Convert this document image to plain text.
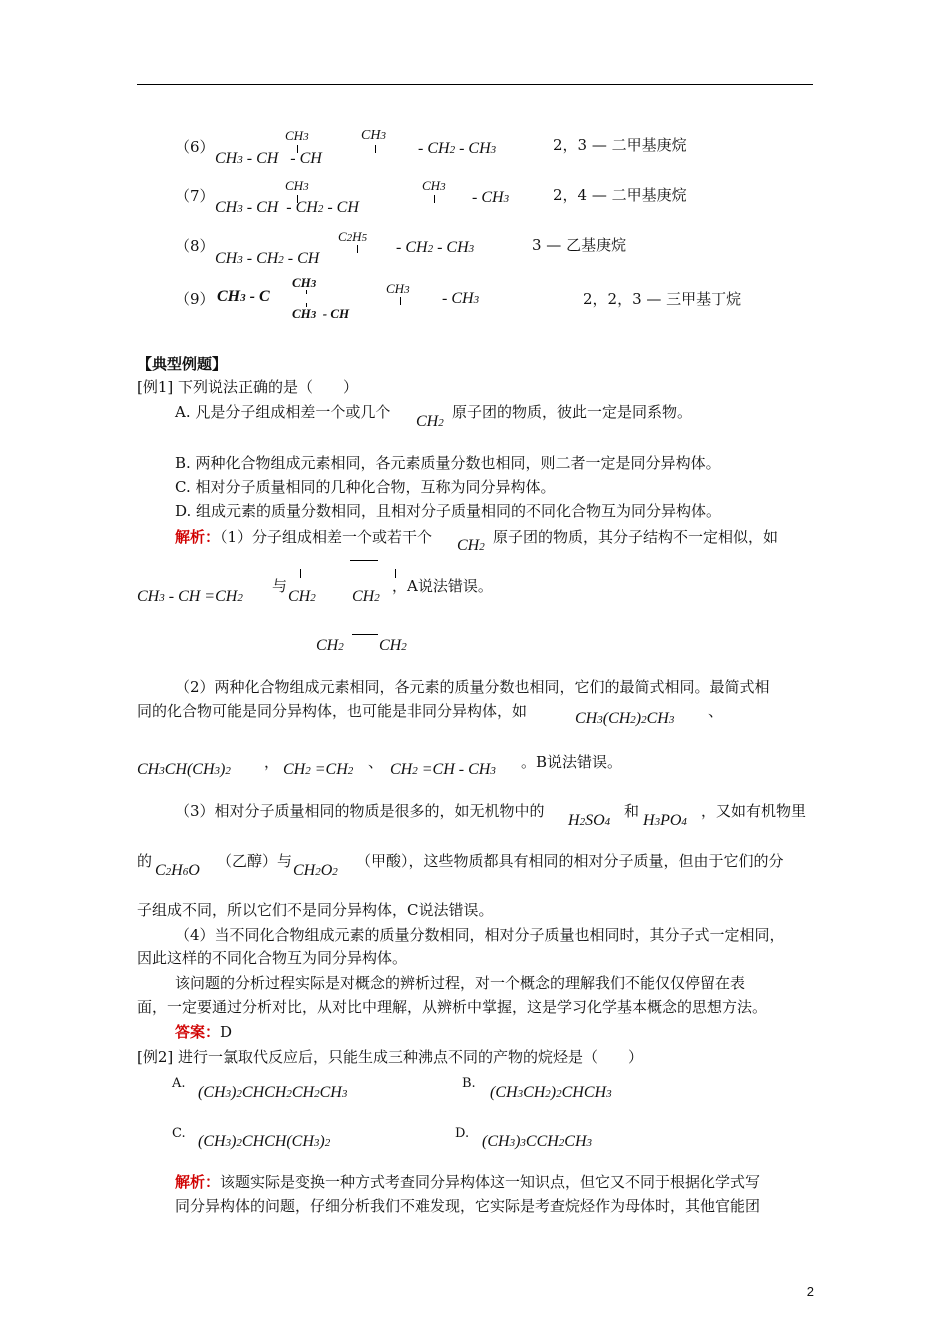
（6）
CH3	CH3
CH3 - CH   - CH
- CH2 - CH3	2，3 — 二甲基庚烷
（7）
CH3	CH3
CH3 - CH  - CH2 - CH
- CH3	2，4 — 二甲基庚烷
（8）
C2H5
CH3 - CH2 - CH
- CH2 - CH3	3 — 乙基庚烷
（9）
CH3
CH3 - C
CH3  - CH
CH3 - CH3	2，2，3 — 三甲基丁烷
【典型例题】
[例1] 下列说法正确的是（　　）
A. 凡是分子组成相差一个或几个
CH2
原子团的物质，彼此一定是同系物。
B. 两种化合物组成元素相同，各元素质量分数也相同，则二者一定是同分异构体。
C. 相对分子质量相同的几种化合物，互称为同分异构体。
D. 组成元素的质量分数相同，且相对分子质量相同的不同化合物互为同分异构体。
解析：（1）分子组成相差一个或若干个 CH2
原子团的物质，其分子结构不一定相似，如
CH3 - CH =CH2
与
CH2 CH2
CH2 CH2
，A说法错误。
（2）两种化合物组成元素相同，各元素的质量分数也相同，它们的最简式相同。最简式相
同的化合物可能是同分异构体，也可能是非同分异构体，如	CH3(CH2)2CH3 、
CH3CH(CH3)2 ， CH2 =CH2 、 CH2 =CH - CH3 。B说法错误。
（3）相对分子质量相同的物质是很多的，如无机物中的
H2SO4
和
H3PO4
，又如有机物里
的
C2H6O
（乙醇）与
CH2O2
（甲酸），这些物质都具有相同的相对分子质量，但由于它们的分
子组成不同，所以它们不是同分异构体，C说法错误。
（4）当不同化合物组成元素的质量分数相同，相对分子质量也相同时，其分子式一定相同，
因此这样的不同化合物互为同分异构体。
该问题的分析过程实际是对概念的辨析过程，对一个概念的理解我们不能仅仅停留在表
面，一定要通过分析对比，从对比中理解，从辨析中掌握，这是学习化学基本概念的思想方法。
答案：D
[例2] 进行一氯取代反应后，只能生成三种沸点不同的产物的烷烃是（　　）
A.
(CH3)2CHCH2CH2CH3
B.
(CH3CH2)2CHCH3
C. (CH3)2CHCH(CH3)2
D. (CH3)3CCH2CH3
解析：该题实际是变换一种方式考查同分异构体这一知识点，但它又不同于根据化学式写
同分异构体的问题，仔细分析我们不难发现，它实际是考查烷烃作为母体时，其他官能团
2
